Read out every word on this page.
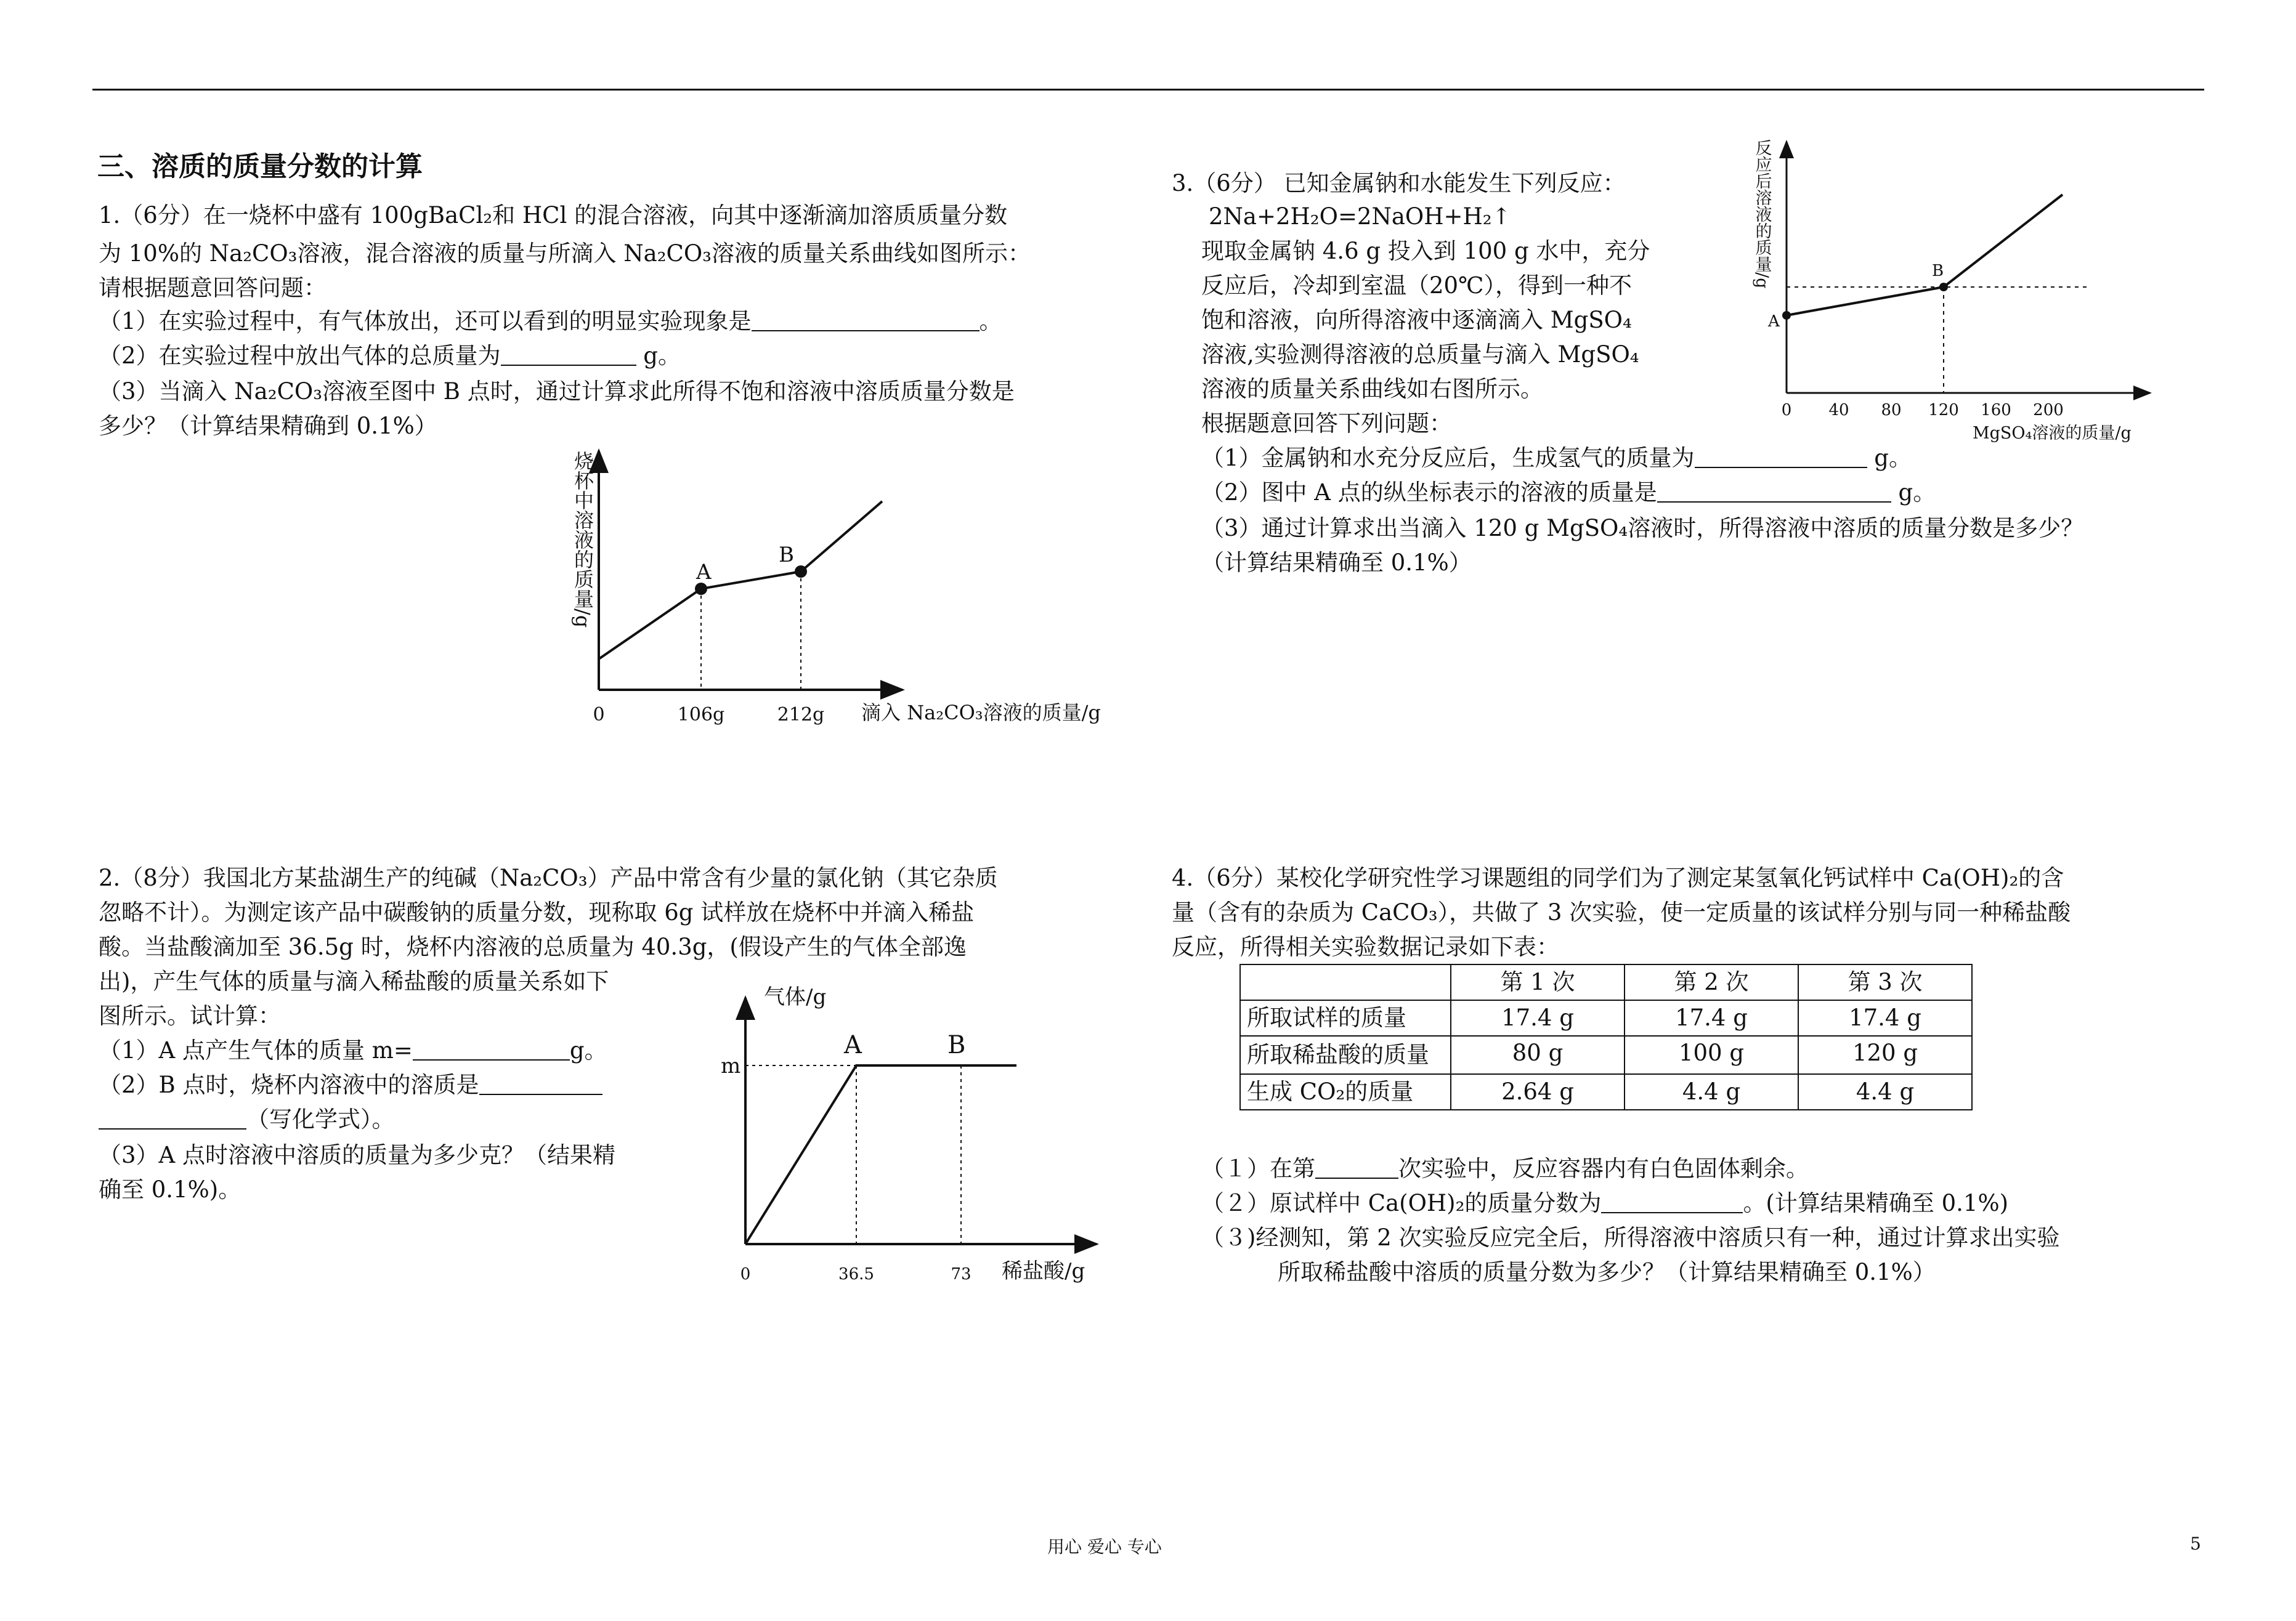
三、溶质的质量分数的计算
1.（6分）在一烧杯中盛有 100gBaCl₂和 HCl 的混合溶液，向其中逐渐滴加溶质质量分数
为 10%的 Na₂CO₃溶液，混合溶液的质量与所滴入 Na₂CO₃溶液的质量关系曲线如图所示：
请根据题意回答问题：
（1）在实验过程中，有气体放出，还可以看到的明显实验现象是	。
（2）在实验过程中放出气体的总质量为	g。
（3）当滴入 Na₂CO₃溶液至图中 B 点时，通过计算求此所得不饱和溶液中溶质质量分数是
多少？（计算结果精确到 0.1%）
A
B
0	106g	212g 滴入 Na₂CO₃溶液的质量/g
烧杯中溶液的质量/g
2.（8分）我国北方某盐湖生产的纯碱（Na₂CO₃）产品中常含有少量的氯化钠（其它杂质
忽略不计）。为测定该产品中碳酸钠的质量分数，现称取 6g 试样放在烧杯中并滴入稀盐
酸。当盐酸滴加至 36.5g 时，烧杯内溶液的总质量为 40.3g，(假设产生的气体全部逸
出)，产生气体的质量与滴入稀盐酸的质量关系如下
图所示。试计算：
（1）A 点产生气体的质量 m=	g。
（2）B 点时，烧杯内溶液中的溶质是
（写化学式）。
（3）A 点时溶液中溶质的质量为多少克？（结果精
确至 0.1%)。
气体/g
m
A	B
0	36.5	73 稀盐酸/g
3.（6分） 已知金属钠和水能发生下列反应：
2Na+2H₂O=2NaOH+H₂↑
现取金属钠 4.6 g 投入到 100 g 水中，充分
反应后，冷却到室温（20℃），得到一种不
饱和溶液，向所得溶液中逐滴滴入 MgSO₄
溶液,实验测得溶液的总质量与滴入 MgSO₄
溶液的质量关系曲线如右图所示。
根据题意回答下列问题：
（1）金属钠和水充分反应后，生成氢气的质量为	g。
（2）图中 A 点的纵坐标表示的溶液的质量是	g。
（3）通过计算求出当滴入 120 g MgSO₄溶液时，所得溶液中溶质的质量分数是多少？
（计算结果精确至 0.1%）
A
B
0 40 80 120 160 200
MgSO₄溶液的质量/g
反应后溶液的质量/g
4.（6分）某校化学研究性学习课题组的同学们为了测定某氢氧化钙试样中 Ca(OH)₂的含
量（含有的杂质为 CaCO₃），共做了 3 次实验，使一定质量的该试样分别与同一种稀盐酸
反应，所得相关实验数据记录如下表：
	第 1 次	第 2 次	第 3 次
所取试样的质量	17.4 g	17.4 g	17.4 g
所取稀盐酸的质量	80 g	100 g	120 g
生成 CO₂的质量	2.64 g	4.4 g	4.4 g
（１）在第	次实验中，反应容器内有白色固体剩余。
（２）原试样中 Ca(OH)₂的质量分数为	。(计算结果精确至 0.1%)
（３)经测知，第 2 次实验反应完全后，所得溶液中溶质只有一种，通过计算求出实验
所取稀盐酸中溶质的质量分数为多少？（计算结果精确至 0.1%）
用心 爱心 专心	5
